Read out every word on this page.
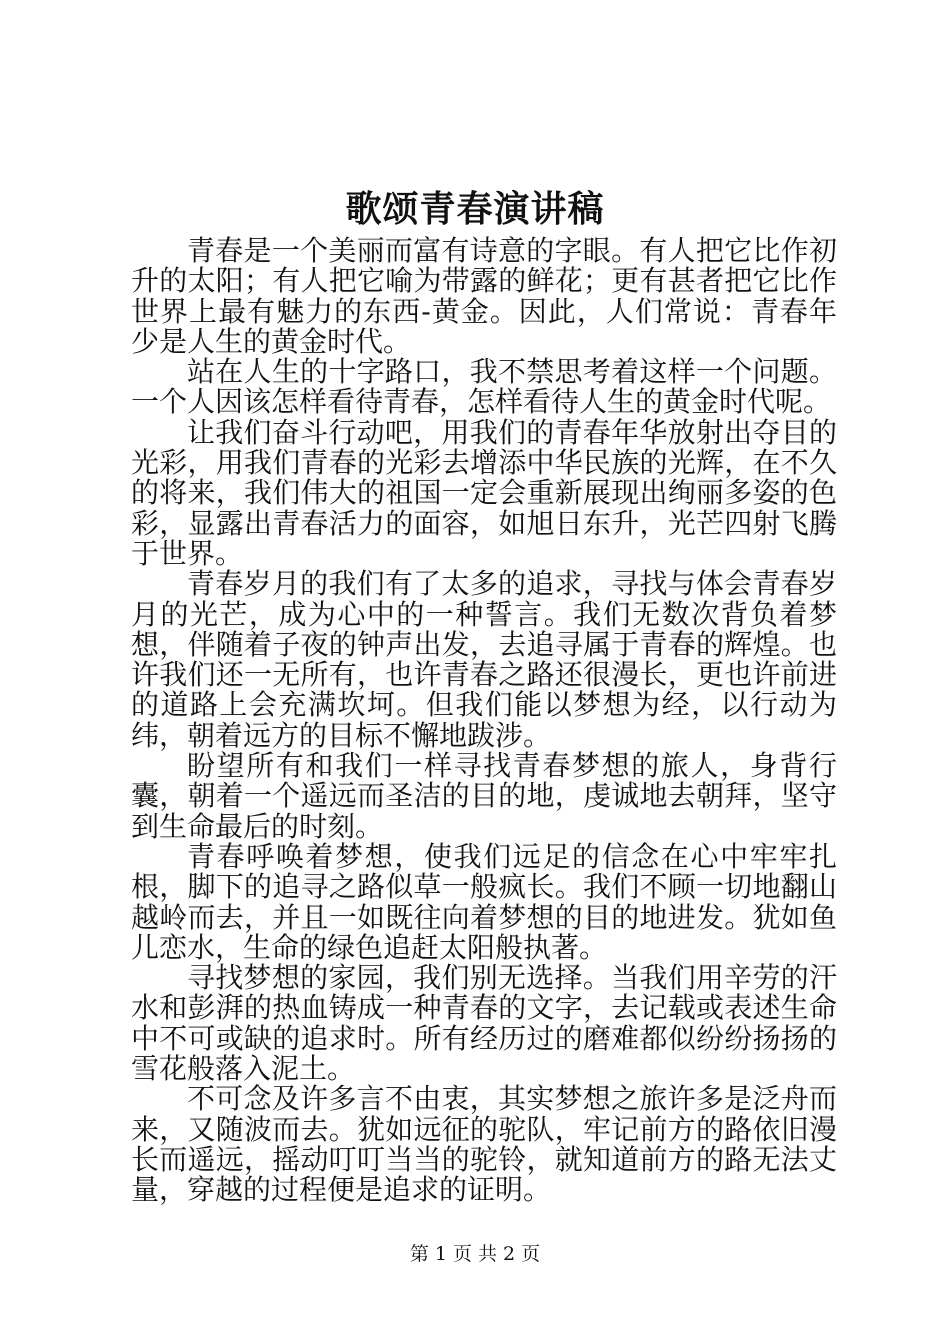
歌颂青春演讲稿

青春是一个美丽而富有诗意的字眼。有人把它比作初升的太阳；有人把它喻为带露的鲜花；更有甚者把它比作世界上最有魅力的东西-黄金。因此，人们常说：青春年少是人生的黄金时代。

站在人生的十字路口，我不禁思考着这样一个问题。一个人因该怎样看待青春，怎样看待人生的黄金时代呢。

让我们奋斗行动吧，用我们的青春年华放射出夺目的光彩，用我们青春的光彩去增添中华民族的光辉，在不久的将来，我们伟大的祖国一定会重新展现出绚丽多姿的色彩，显露出青春活力的面容，如旭日东升，光芒四射飞腾于世界。

青春岁月的我们有了太多的追求，寻找与体会青春岁月的光芒，成为心中的一种誓言。我们无数次背负着梦想，伴随着子夜的钟声出发，去追寻属于青春的辉煌。也许我们还一无所有，也许青春之路还很漫长，更也许前进的道路上会充满坎坷。但我们能以梦想为经，以行动为纬，朝着远方的目标不懈地跋涉。

盼望所有和我们一样寻找青春梦想的旅人，身背行囊，朝着一个遥远而圣洁的目的地，虔诚地去朝拜，坚守到生命最后的时刻。

青春呼唤着梦想，使我们远足的信念在心中牢牢扎根，脚下的追寻之路似草一般疯长。我们不顾一切地翻山越岭而去，并且一如既往向着梦想的目的地进发。犹如鱼儿恋水，生命的绿色追赶太阳般执著。

寻找梦想的家园，我们别无选择。当我们用辛劳的汗水和彭湃的热血铸成一种青春的文字，去记载或表述生命中不可或缺的追求时。所有经历过的磨难都似纷纷扬扬的雪花般落入泥土。

不可念及许多言不由衷，其实梦想之旅许多是泛舟而来，又随波而去。犹如远征的驼队，牢记前方的路依旧漫长而遥远，摇动叮叮当当的驼铃，就知道前方的路无法丈量，穿越的过程便是追求的证明。

第 1 页 共 2 页
